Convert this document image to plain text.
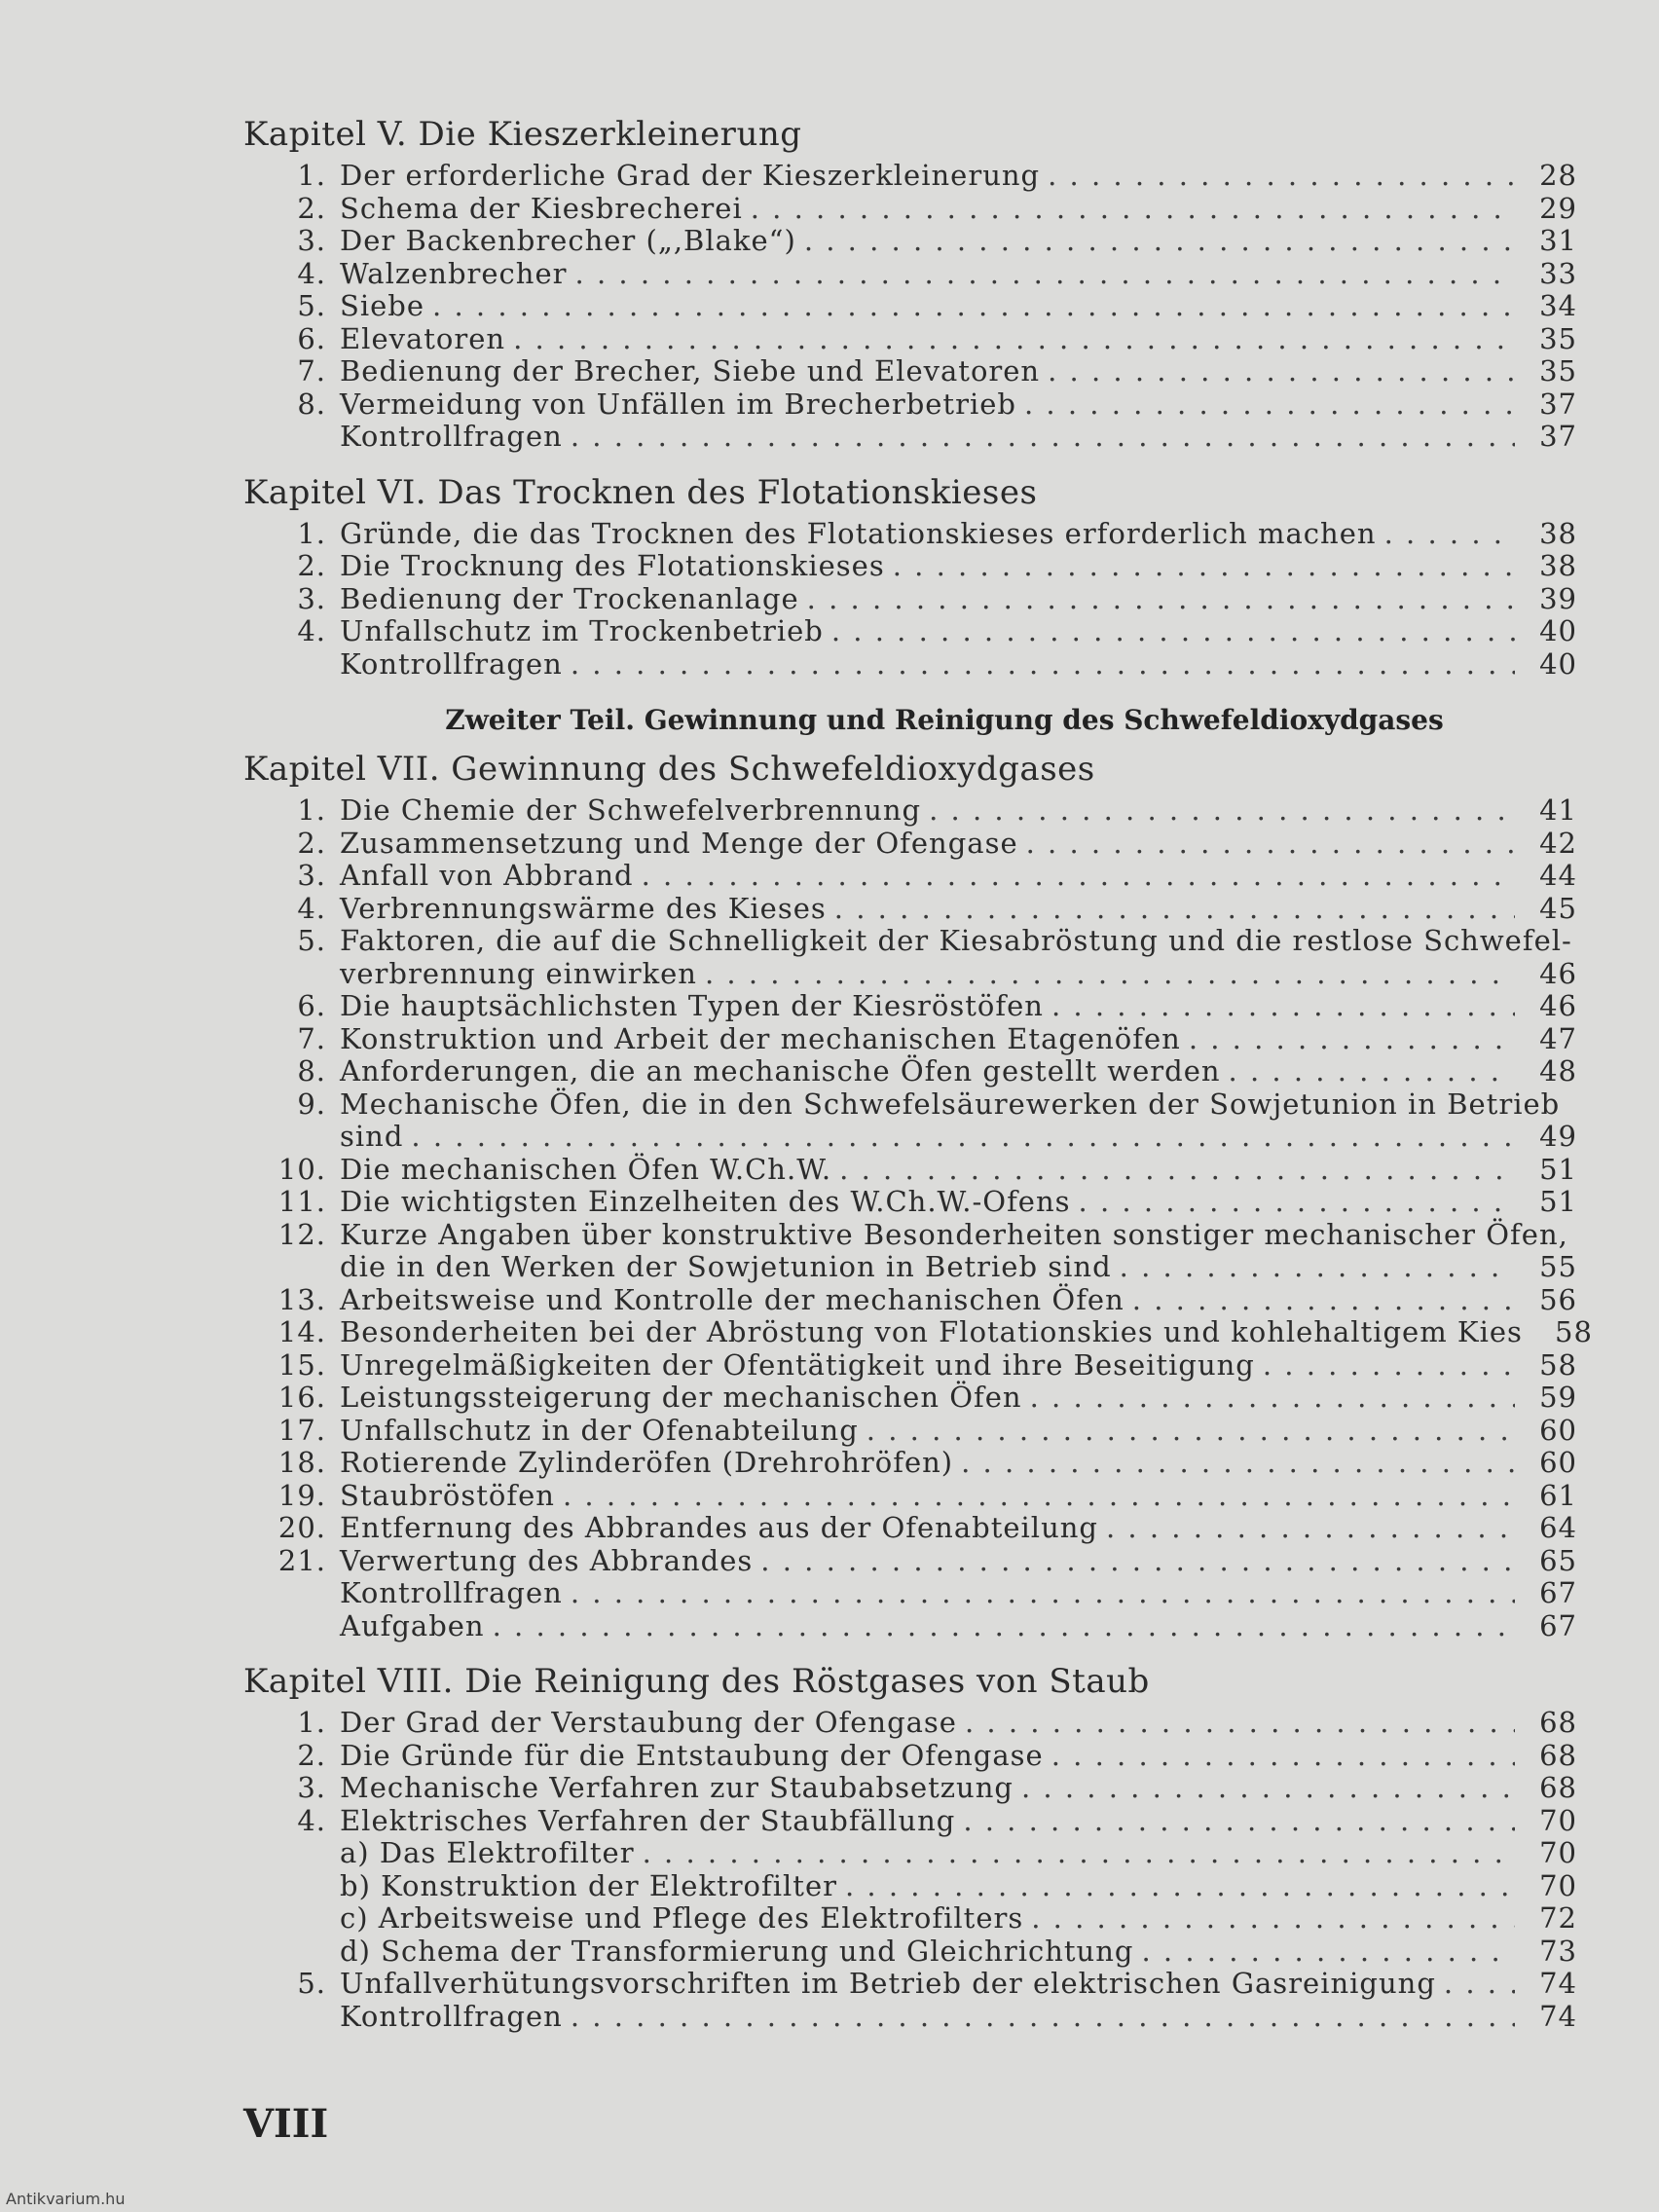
Kapitel V. Die Kieszerkleinerung
1. Der erforderliche Grad der Kieszerkleinerung . . .	28
2. Schema der Kiesbrecherei . . .	29
3. Der Backenbrecher („,Blake“) . . .	31
4. Walzenbrecher . . .	33
5. Siebe . . .	34
6. Elevatoren . . .	35
7. Bedienung der Brecher, Siebe und Elevatoren . . .	35
8. Vermeidung von Unfällen im Brecherbetrieb . . .	37
Kontrollfragen . . .	37
Kapitel VI. Das Trocknen des Flotationskieses
1. Gründe, die das Trocknen des Flotationskieses erforderlich machen . . .	38
2. Die Trocknung des Flotationskieses . . .	38
3. Bedienung der Trockenanlage . . .	39
4. Unfallschutz im Trockenbetrieb . . .	40
Kontrollfragen . . .	40
Zweiter Teil. Gewinnung und Reinigung des Schwefeldioxydgases
Kapitel VII. Gewinnung des Schwefeldioxydgases
1. Die Chemie der Schwefelverbrennung . . .	41
2. Zusammensetzung und Menge der Ofengase . . .	42
3. Anfall von Abbrand . . .	44
4. Verbrennungswärme des Kieses . . .	45
5. Faktoren, die auf die Schnelligkeit der Kiesabröstung und die restlose Schwefel-
verbrennung einwirken . . .	46
6. Die hauptsächlichsten Typen der Kiesröstöfen . . .	46
7. Konstruktion und Arbeit der mechanischen Etagenöfen . . .	47
8. Anforderungen, die an mechanische Öfen gestellt werden . . .	48
9. Mechanische Öfen, die in den Schwefelsäurewerken der Sowjetunion in Betrieb
sind . . .	49
10. Die mechanischen Öfen W.Ch.W. . . .	51
11. Die wichtigsten Einzelheiten des W.Ch.W.-Ofens . . .	51
12. Kurze Angaben über konstruktive Besonderheiten sonstiger mechanischer Öfen,
die in den Werken der Sowjetunion in Betrieb sind . . .	55
13. Arbeitsweise und Kontrolle der mechanischen Öfen . . .	56
14. Besonderheiten bei der Abröstung von Flotationskies und kohlehaltigem Kies	58
15. Unregelmäßigkeiten der Ofentätigkeit und ihre Beseitigung . . .	58
16. Leistungssteigerung der mechanischen Öfen . . .	59
17. Unfallschutz in der Ofenabteilung . . .	60
18. Rotierende Zylinderöfen (Drehrohröfen) . . .	60
19. Staubröstöfen . . .	61
20. Entfernung des Abbrandes aus der Ofenabteilung . . .	64
21. Verwertung des Abbrandes . . .	65
Kontrollfragen . . .	67
Aufgaben . . .	67
Kapitel VIII. Die Reinigung des Röstgases von Staub
1. Der Grad der Verstaubung der Ofengase . . .	68
2. Die Gründe für die Entstaubung der Ofengase . . .	68
3. Mechanische Verfahren zur Staubabsetzung . . .	68
4. Elektrisches Verfahren der Staubfällung . . .	70
a) Das Elektrofilter . . .	70
b) Konstruktion der Elektrofilter . . .	70
c) Arbeitsweise und Pflege des Elektrofilters . . .	72
d) Schema der Transformierung und Gleichrichtung . . .	73
5. Unfallverhütungsvorschriften im Betrieb der elektrischen Gasreinigung . . .	74
Kontrollfragen . . .	74
VIII
Antikvarium.hu
